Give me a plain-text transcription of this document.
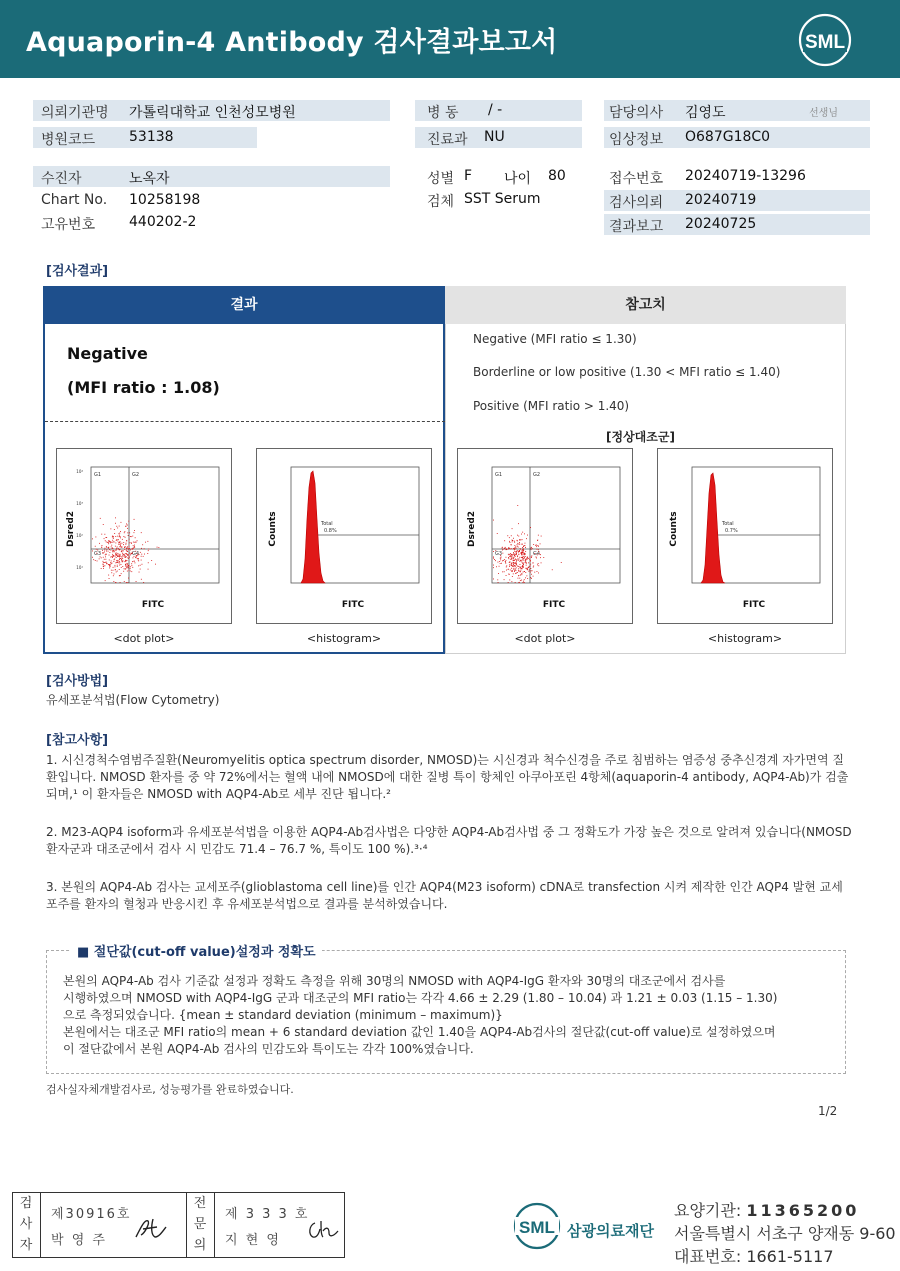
Aquaporin-4 Antibody 검사결과보고서	SML
의뢰기관명 가톨릭대학교 인천성모병원
병원코드 53138
병 동 / -
진료과 NU
담당의사 김영도	선생님
임상정보 O687G18C0
수진자	노옥자
Chart No. 10258198
고유번호 440202-2
성별 F 나이 80
검체 SST Serum
접수번호 20240719-13296
검사의뢰 20240719
결과보고 20240725
[검사결과]
결과	참고치
Negative
(MFI ratio : 1.08)
G1	G2
G3	G4
10⁴
10³
10²
10¹
Dsred2
FITC
<dot plot>
Total
0.8%
Counts
FITC
<histogram>
Negative (MFI ratio ≤ 1.30)
Borderline or low positive (1.30 < MFI ratio ≤ 1.40)
Positive (MFI ratio > 1.40)
[정상대조군]
G1	G2
G3	G4
Dsred2
FITC
<dot plot>
Total
0.7%
Counts
FITC
<histogram>
[검사방법]
유세포분석법(Flow Cytometry)
[참고사항]
1. 시신경척수염범주질환(Neuromyelitis optica spectrum disorder, NMOSD)는 시신경과 척수신경을 주로 침범하는 염증성 중추신경계 자가면역 질환입니다. NMOSD 환자를 중 약 72%에서는 혈액 내에 NMOSD에 대한 질병 특이 항체인 아쿠아포린 4항체(aquaporin-4 antibody, AQP4-Ab)가 검출되며,¹ 이 환자들은 NMOSD with AQP4-Ab로 세부 진단 됩니다.²
2. M23-AQP4 isoform과 유세포분석법을 이용한 AQP4-Ab검사법은 다양한 AQP4-Ab검사법 중 그 정확도가 가장 높은 것으로 알려져 있습니다(NMOSD환자군과 대조군에서 검사 시 민감도 71.4 – 76.7 %, 특이도 100 %).³·⁴
3. 본원의 AQP4-Ab 검사는 교세포주(glioblastoma cell line)를 인간 AQP4(M23 isoform) cDNA로 transfection 시켜 제작한 인간 AQP4 발현 교세포주를 환자의 혈청과 반응시킨 후 유세포분석법으로 결과를 분석하였습니다.
■ 절단값(cut-off value)설정과 정확도
본원의 AQP4-Ab 검사 기준값 설정과 정확도 측정을 위해 30명의 NMOSD with AQP4-IgG 환자와 30명의 대조군에서 검사를
시행하였으며 NMOSD with AQP4-IgG 군과 대조군의 MFI ratio는 각각 4.66 ± 2.29 (1.80 – 10.04) 과 1.21 ± 0.03 (1.15 – 1.30)
으로 측정되었습니다. {mean ± standard deviation (minimum – maximum)}
본원에서는 대조군 MFI ratio의 mean + 6 standard deviation 값인 1.40을 AQP4-Ab검사의 절단값(cut-off value)로 설정하였으며
이 절단값에서 본원 AQP4-Ab 검사의 민감도와 특이도는 각각 100%였습니다.
검사실자체개발검사로, 성능평가를 완료하였습니다.
1/2
검사자
제30916호
박 영 주
전문의
제 3 3 3 호
지 현 영
SML 삼광의료재단
요양기관: 11365200
서울특별시 서초구 양재동 9-60
대표번호: 1661-5117
